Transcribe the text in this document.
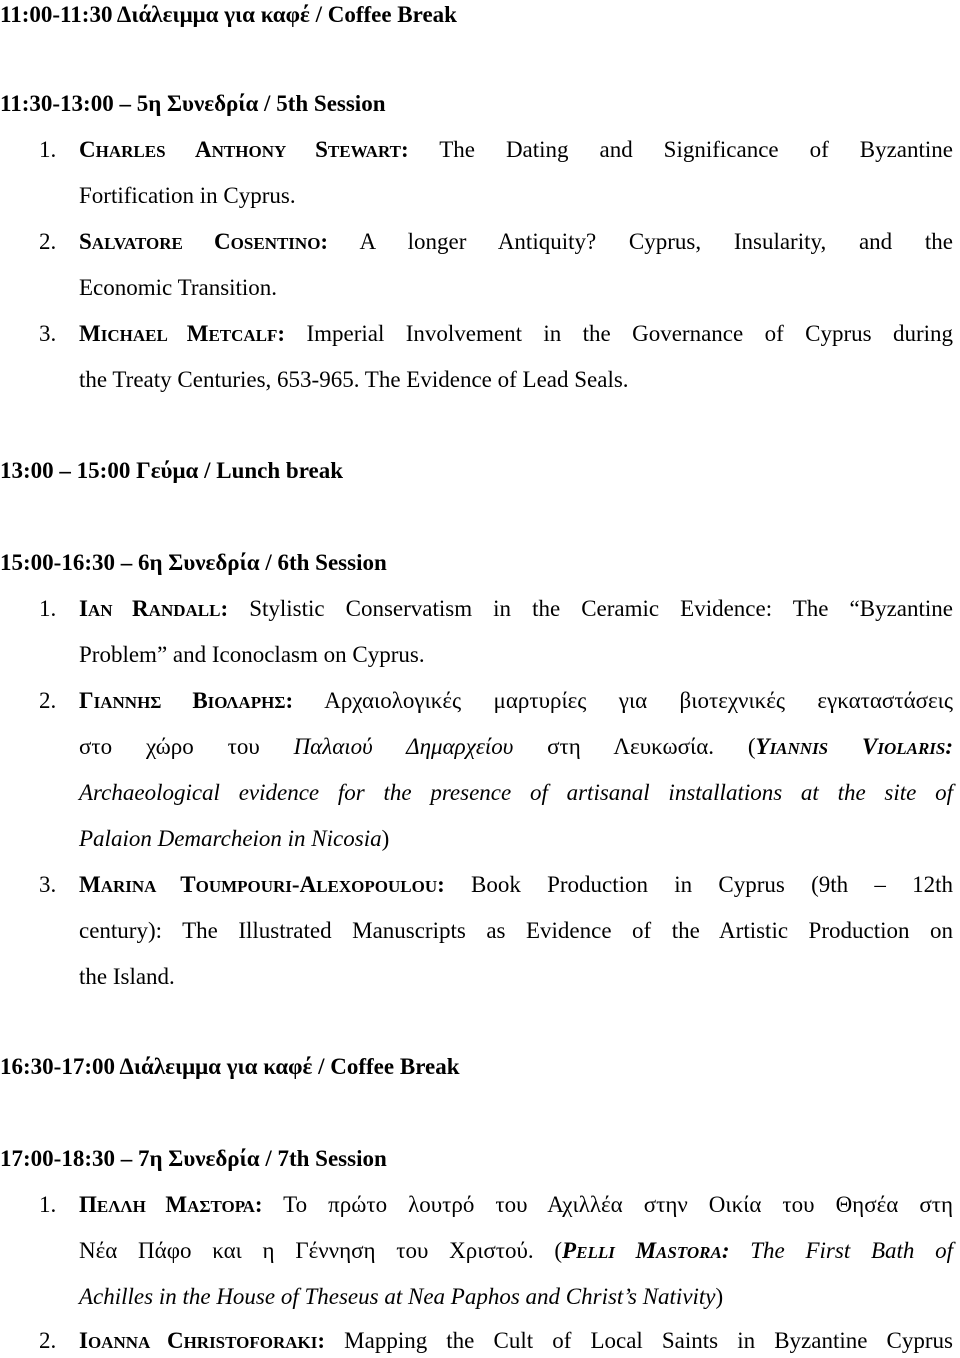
11:00-11:30 Διάλειμμα για καφέ / Coffee Break
11:30-13:00 – 5η Συνεδρία / 5th Session
1. CHARLES ANTHONY STEWART: The Dating and Significance of Byzantine
Fortification in Cyprus.
2. SALVATORE COSENTINO: A longer Antiquity? Cyprus, Insularity, and the
Economic Transition.
3. MICHAEL METCALF: Imperial Involvement in the Governance of Cyprus during
the Treaty Centuries, 653-965. The Evidence of Lead Seals.
13:00 – 15:00 Γεύμα / Lunch break
15:00-16:30 – 6η Συνεδρία / 6th Session
1. IAN RANDALL: Stylistic Conservatism in the Ceramic Evidence: The “Byzantine
Problem” and Iconoclasm on Cyprus.
2. ΓΙΑΝΝΗΣ ΒΙΟΛΑΡΗΣ: Αρχαιολογικές μαρτυρίες για βιοτεχνικές εγκαταστάσεις
στο χώρο του Παλαιού Δημαρχείου στη Λευκωσία. (YIANNIS VIOLARIS:
Archaeological evidence for the presence of artisanal installations at the site of
Palaion Demarcheion in Nicosia)
3. MARINA TOUMPOURI-ALEXOPOULOU: Book Production in Cyprus (9th – 12th
century): The Illustrated Manuscripts as Evidence of the Artistic Production on
the Island.
16:30-17:00 Διάλειμμα για καφέ / Coffee Break
17:00-18:30 – 7η Συνεδρία / 7th Session
1. ΠΕΛΛΗ ΜΑΣΤΟΡΑ: Το πρώτο λουτρό του Αχιλλέα στην Οικία του Θησέα στη
Νέα Πάφο και η Γέννηση του Χριστού. (PELLI MASTORA: The First Bath of
Achilles in the House of Theseus at Nea Paphos and Christ’s Nativity)
2. IOANNA CHRISTOFORAKI: Mapping the Cult of Local Saints in Byzantine Cyprus
